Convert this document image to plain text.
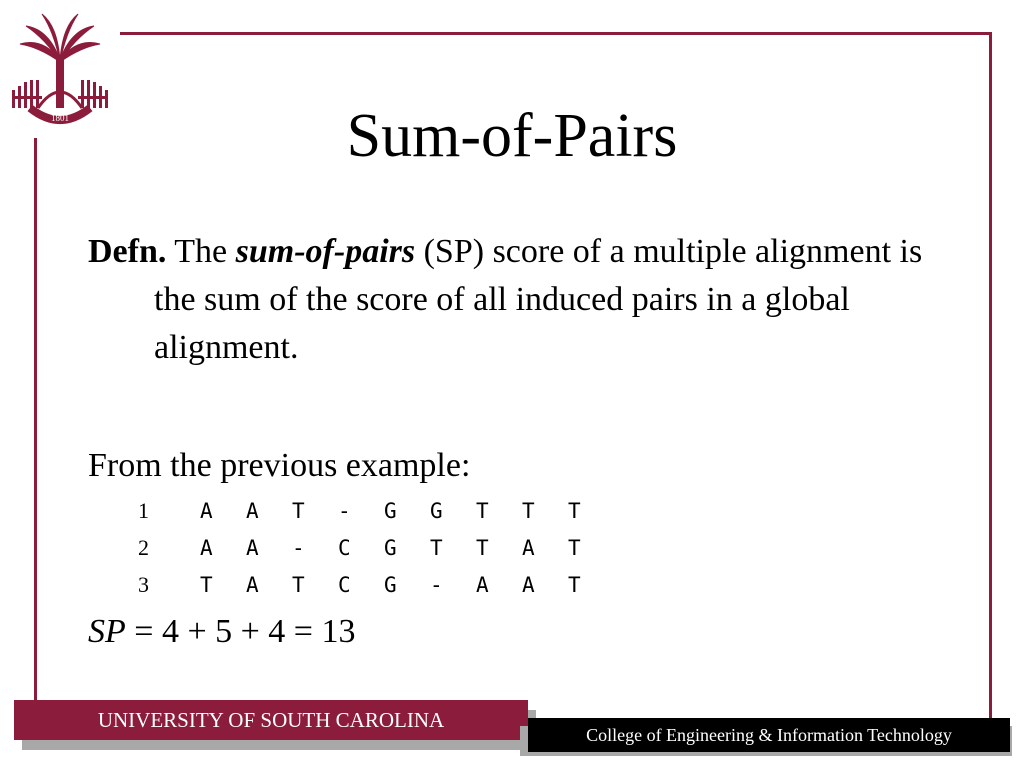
1801	Sum-of-Pairs

Defn. The sum-of-pairs (SP) score of a multiple alignment is the sum of the score of all induced pairs in a global alignment.

From the previous example:

1	A	A	T	-	G	G	T	T	T
2	A	A	-	C	G	T	T	A	T
3	T	A	T	C	G	-	A	A	T

SP = 4 + 5 + 4 = 13

UNIVERSITY OF SOUTH CAROLINA
College of Engineering & Information Technology
